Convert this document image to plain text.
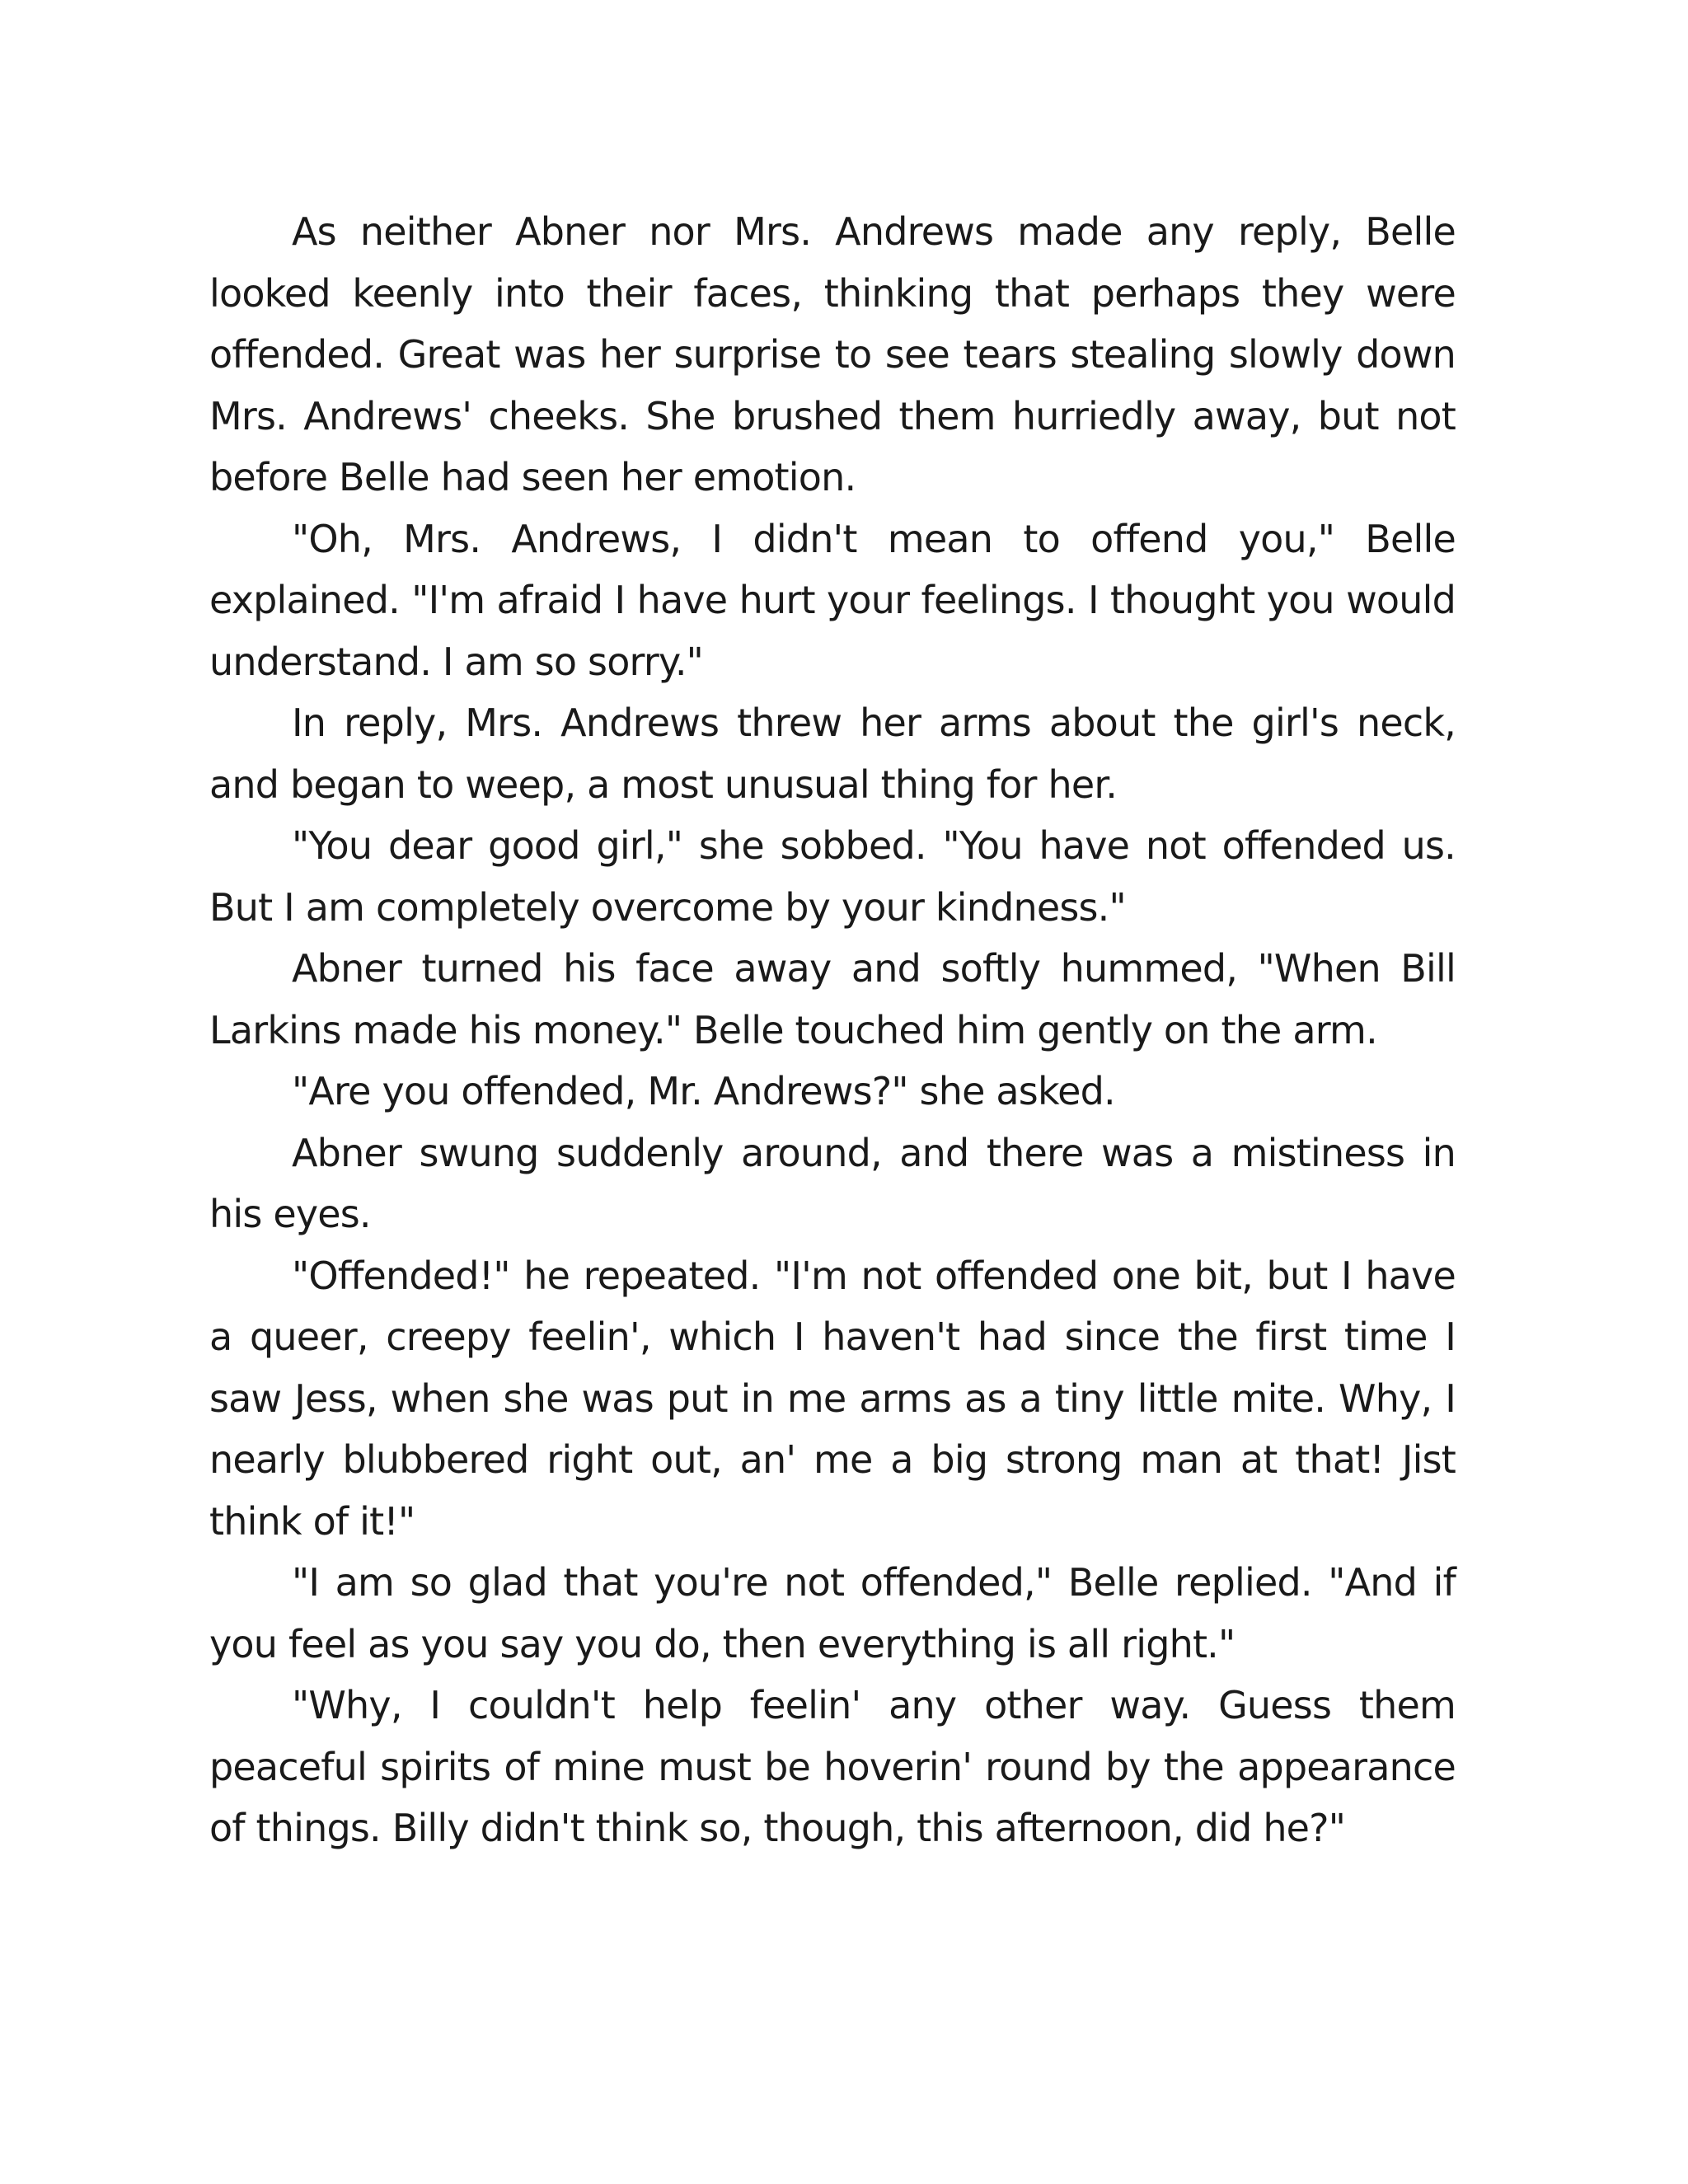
As neither Abner nor Mrs. Andrews made any reply, Belle looked keenly into their faces, thinking that perhaps they were offended. Great was her surprise to see tears stealing slowly down Mrs. Andrews' cheeks. She brushed them hurriedly away, but not before Belle had seen her emotion.

"Oh, Mrs. Andrews, I didn't mean to offend you," Belle explained. "I'm afraid I have hurt your feelings. I thought you would understand. I am so sorry."

In reply, Mrs. Andrews threw her arms about the girl's neck, and began to weep, a most unusual thing for her.

"You dear good girl," she sobbed. "You have not offended us. But I am completely overcome by your kindness."

Abner turned his face away and softly hummed, "When Bill Larkins made his money." Belle touched him gently on the arm.

"Are you offended, Mr. Andrews?" she asked.

Abner swung suddenly around, and there was a mistiness in his eyes.

"Offended!" he repeated. "I'm not offended one bit, but I have a queer, creepy feelin', which I haven't had since the first time I saw Jess, when she was put in me arms as a tiny little mite. Why, I nearly blubbered right out, an' me a big strong man at that! Jist think of it!"

"I am so glad that you're not offended," Belle replied. "And if you feel as you say you do, then everything is all right."

"Why, I couldn't help feelin' any other way. Guess them peaceful spirits of mine must be hoverin' round by the appearance of things. Billy didn't think so, though, this afternoon, did he?"
